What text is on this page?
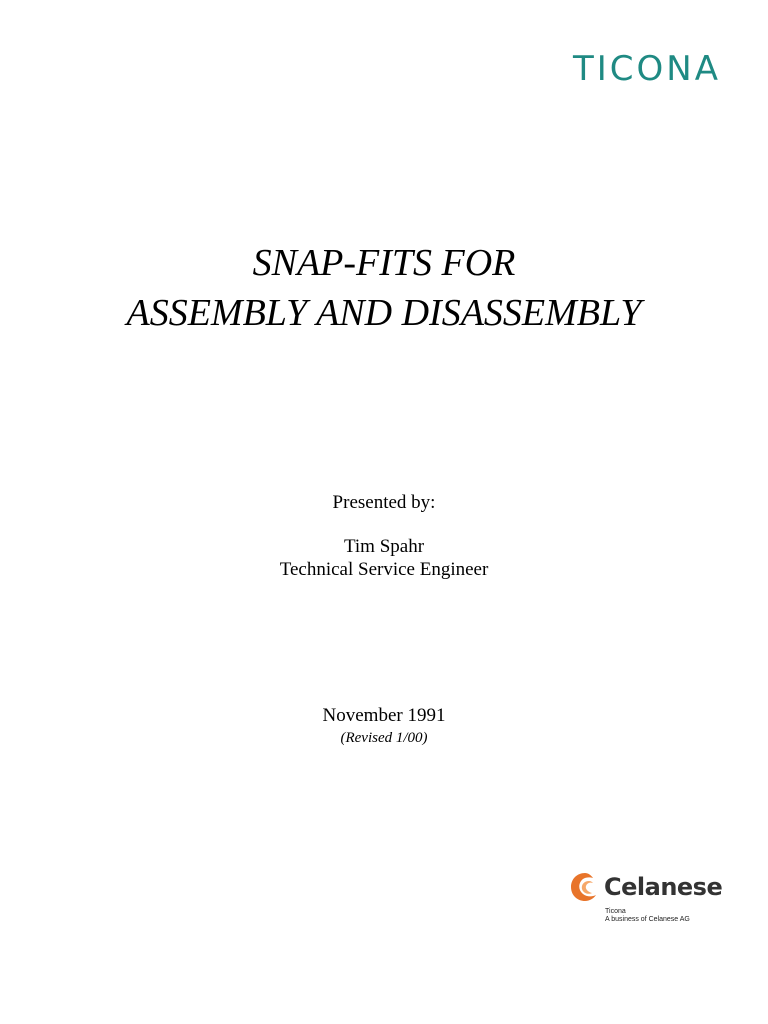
TICONA
SNAP-FITS FOR
ASSEMBLY AND DISASSEMBLY
Presented by:
Tim Spahr
Technical Service Engineer
November 1991
(Revised 1/00)
Celanese
Ticona
A business of Celanese AG
